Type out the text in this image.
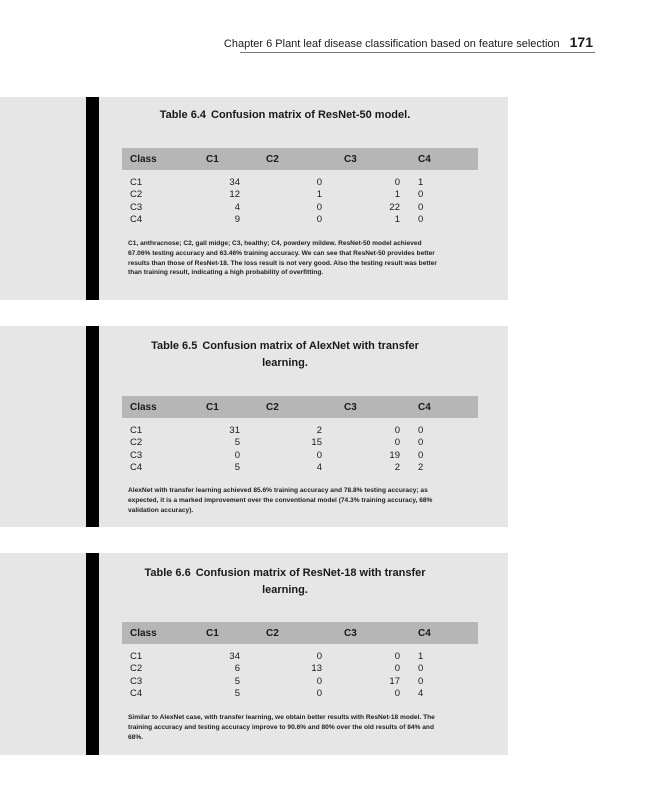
Chapter 6 Plant leaf disease classification based on feature selection 171
Table 6.4 Confusion matrix of ResNet-50 model.
Class	C1	C2	C3	C4
C1	34	0	0	1
C2	12	1	1	0
C3	4	0	22	0
C4	9	0	1	0
C1, anthracnose; C2, gall midge; C3, healthy; C4, powdery mildew. ResNet-50 model achieved 67.06% testing accuracy and 63.46% training accuracy. We can see that ResNet-50 provides better results than those of ResNet-18. The loss result is not very good. Also the testing result was better than training result, indicating a high probability of overfitting.
Table 6.5 Confusion matrix of AlexNet with transfer learning.
Class	C1	C2	C3	C4
C1	31	2	0	0
C2	5	15	0	0
C3	0	0	19	0
C4	5	4	2	2
AlexNet with transfer learning achieved 85.6% training accuracy and 78.8% testing accuracy; as expected, it is a marked improvement over the conventional model (74.3% training accuracy, 68% validation accuracy).
Table 6.6 Confusion matrix of ResNet-18 with transfer learning.
Class	C1	C2	C3	C4
C1	34	0	0	1
C2	6	13	0	0
C3	5	0	17	0
C4	5	0	0	4
Similar to AlexNet case, with transfer learning, we obtain better results with ResNet-18 model. The training accuracy and testing accuracy improve to 90.6% and 80% over the old results of 84% and 68%.
